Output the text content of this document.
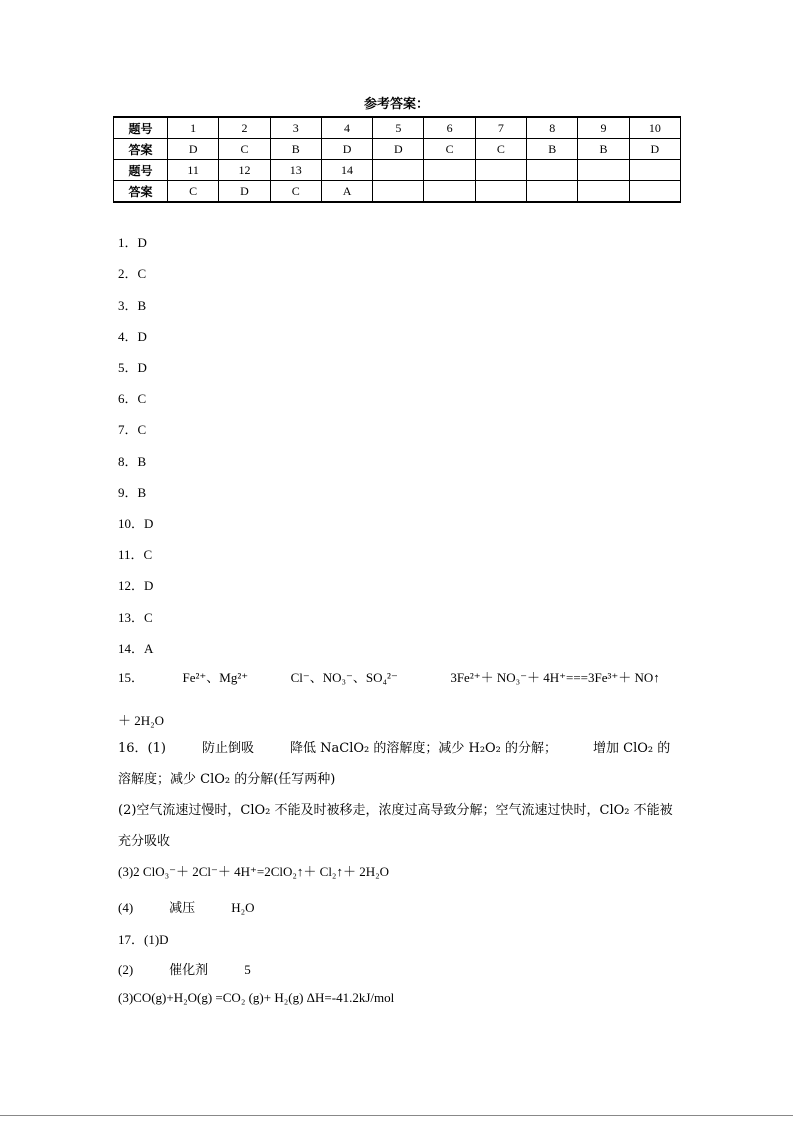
参考答案：
题号	1	2	3	4	5	6	7	8	9	10
答案	D	C	B	D	D	C	C	B	B	D
题号	11	12	13	14						
答案	C	D	C	A						
1．D
2．C
3．B
4．D
5．D
6．C
7．C
8．B
9．B
10．D
11．C
12．D
13．C
14．A
15．	Fe²⁺、Mg²⁺	Cl⁻、NO₃⁻、SO₄²⁻	3Fe²⁺＋ NO₃⁻＋ 4H⁺===3Fe³⁺＋ NO↑
＋ 2H₂O
16．(1)	防止倒吸	降低 NaClO₂ 的溶解度；减少 H₂O₂ 的分解；	增加 ClO₂ 的
溶解度；减少 ClO₂ 的分解(任写两种)
(2)空气流速过慢时，ClO₂ 不能及时被移走，浓度过高导致分解；空气流速过快时，ClO₂ 不能被充分吸收
(3)2 ClO₃⁻＋ 2Cl⁻＋ 4H⁺=2ClO₂↑＋ Cl₂↑＋ 2H₂O
(4)	减压	H₂O
17．(1)D
(2)	催化剂	5
(3)CO(g)+H₂O(g) =CO₂ (g)+ H₂(g) ΔH=-41.2kJ/mol
